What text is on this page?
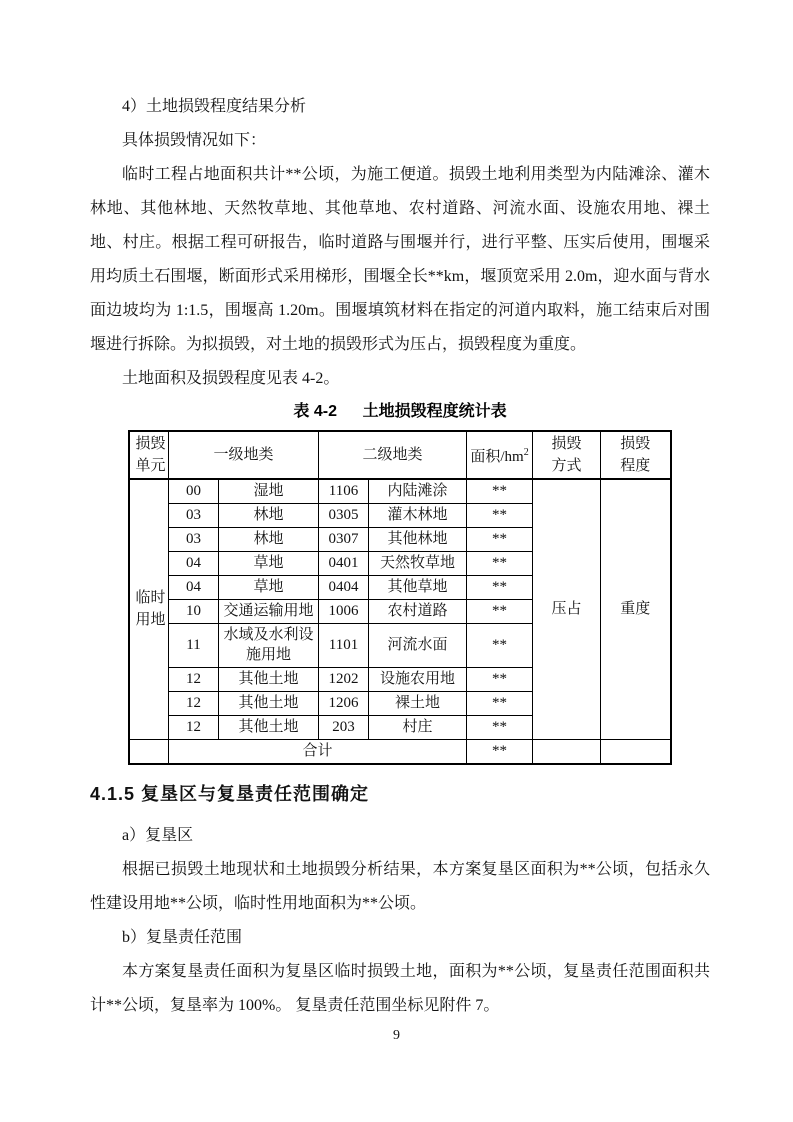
4）土地损毁程度结果分析

具体损毁情况如下：

临时工程占地面积共计**公顷，为施工便道。损毁土地利用类型为内陆滩涂、灌木林地、其他林地、天然牧草地、其他草地、农村道路、河流水面、设施农用地、裸土地、村庄。根据工程可研报告，临时道路与围堰并行，进行平整、压实后使用，围堰采用均质土石围堰，断面形式采用梯形，围堰全长**km，堰顶宽采用 2.0m，迎水面与背水面边坡均为 1:1.5，围堰高 1.20m。围堰填筑材料在指定的河道内取料，施工结束后对围堰进行拆除。为拟损毁，对土地的损毁形式为压占，损毁程度为重度。

土地面积及损毁程度见表 4-2。

表 4-2 土地损毁程度统计表
损毁单元	一级地类		二级地类		面积$/hm^2$	损毁方式	损毁程度
临时用地	00	湿地	1106	内陆滩涂	**	压占	重度
	03	林地	0305	灌木林地	**		
	03	林地	0307	其他林地	**		
	04	草地	0401	天然牧草地	**		
	04	草地	0404	其他草地	**		
	10	交通运输用地	1006	农村道路	**		
	11	水域及水利设施用地	1101	河流水面	**		
	12	其他土地	1202	设施农用地	**		
	12	其他土地	1206	裸土地	**		
	12	其他土地	203	村庄	**		
	合计				**		
4.1.5 复垦区与复垦责任范围确定

a）复垦区

根据已损毁土地现状和土地损毁分析结果，本方案复垦区面积为**公顷，包括永久性建设用地**公顷，临时性用地面积为**公顷。

b）复垦责任范围

本方案复垦责任面积为复垦区临时损毁土地，面积为**公顷，复垦责任范围面积共计**公顷，复垦率为 100%。 复垦责任范围坐标见附件 7。

9
